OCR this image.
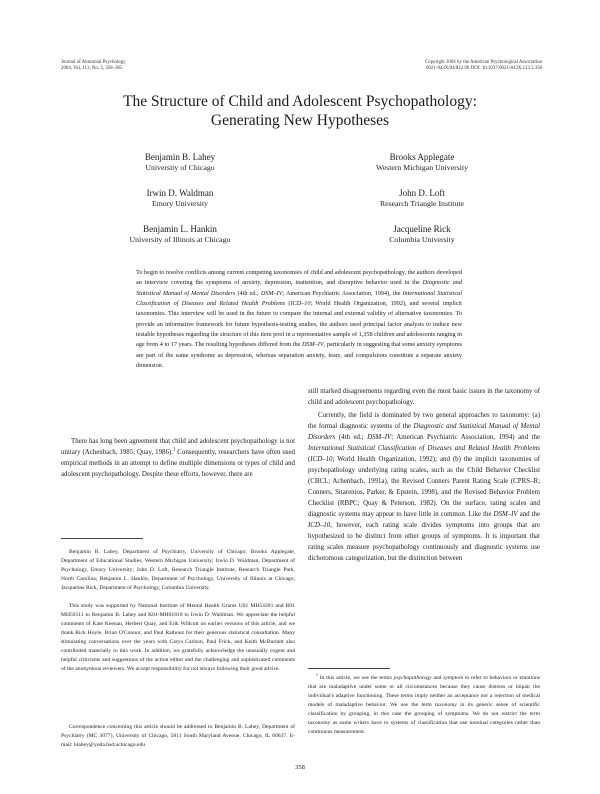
Journal of Abnormal Psychology
2004, Vol. 113, No. 3, 358–385
Copyright 2004 by the American Psychological Association
0021-843X/04/$12.00 DOI: 10.1037/0021-843X.113.3.358
The Structure of Child and Adolescent Psychopathology:
Generating New Hypotheses
Benjamin B. Lahey
University of Chicago
Brooks Applegate
Western Michigan University
Irwin D. Waldman
Emory University
John D. Loft
Research Triangle Institute
Benjamin L. Hankin
University of Illinois at Chicago
Jacqueline Rick
Columbia University

To begin to resolve conflicts among current competing taxonomies of child and adolescent psychopathology, the authors developed an interview covering the symptoms of anxiety, depression, inattention, and disruptive behavior used in the Diagnostic and Statistical Manual of Mental Disorders (4th ed.; DSM–IV; American Psychiatric Association, 1994), the International Statistical Classification of Diseases and Related Health Problems (ICD–10; World Health Organization, 1992), and several implicit taxonomies. This interview will be used in the future to compare the internal and external validity of alternative taxonomies. To provide an informative framework for future hypothesis-testing studies, the authors used principal factor analysis to induce new testable hypotheses regarding the structure of this item pool in a representative sample of 1,358 children and adolescents ranging in age from 4 to 17 years. The resulting hypotheses differed from the DSM–IV, particularly in suggesting that some anxiety symptoms are part of the same syndrome as depression, whereas separation anxiety, fears, and compulsions constitute a separate anxiety dimension.

There has long been agreement that child and adolescent psychopathology is not unitary (Achenbach, 1985; Quay, 1986).$^1$ Consequently, researchers have often used empirical methods in an attempt to define multiple dimensions or types of child and adolescent psychopathology. Despite these efforts, however, there are

Benjamin B. Lahey, Department of Psychiatry, University of Chicago; Brooks Applegate, Department of Educational Studies, Western Michigan University; Irwin D. Waldman, Department of Psychology, Emory University; John D. Loft, Research Triangle Institute, Research Triangle Park, North Carolina; Benjamin L. Hankin, Department of Psychology, University of Illinois at Chicago; Jacqueline Rick, Department of Psychology, Columbia University.

This study was supported by National Institute of Mental Health Grants U01 MH54281 and R01 MH59111 to Benjamin B. Lahey and K01-MH01818 to Irwin D. Waldman. We appreciate the helpful comments of Kate Keenan, Herbert Quay, and Erik Willcutt on earlier versions of this article, and we thank Rick Hoyle, Brian O'Connor, and Paul Rathouz for their generous statistical consultation. Many stimulating conversations over the years with Carya Carlson, Paul Frick, and Keith McBurnett also contributed materially to this work. In addition, we gratefully acknowledge the unusually cogent and helpful criticisms and suggestions of the action editor and the challenging and sophisticated comments of the anonymous reviewers. We accept responsibility for not always following their good advice.

Correspondence concerning this article should be addressed to Benjamin B. Lahey, Department of Psychiatry (MC 3077), University of Chicago, 5811 South Maryland Avenue, Chicago, IL 60637. E-mail: blahey@yoda.bsd.uchicago.edu

still marked disagreements regarding even the most basic issues in the taxonomy of child and adolescent psychopathology.

Currently, the field is dominated by two general approaches to taxonomy: (a) the formal diagnostic systems of the Diagnostic and Statistical Manual of Mental Disorders (4th ed.; DSM–IV; American Psychiatric Association, 1994) and the International Statistical Classification of Diseases and Related Health Problems (ICD–10; World Health Organization, 1992); and (b) the implicit taxonomies of psychopathology underlying rating scales, such as the Child Behavior Checklist (CBCL; Achenbach, 1991a), the Revised Conners Parent Rating Scale (CPRS–R; Conners, Sitarenios, Parker, & Epstein, 1998), and the Revised Behavior Problem Checklist (RBPC; Quay & Peterson, 1982). On the surface, rating scales and diagnostic systems may appear to have little in common. Like the DSM–IV and the ICD–10, however, each rating scale divides symptoms into groups that are hypothesized to be distinct from other groups of symptoms. It is important that rating scales measure psychopathology continuously and diagnostic systems use dichotomous categorization, but the distinction between

$^1$ In this article, we use the terms psychopathology and symptom to refer to behaviors or emotions that are maladaptive under some or all circumstances because they cause distress or impair the individual's adaptive functioning. These terms imply neither an acceptance nor a rejection of medical models of maladaptive behavior. We use the term taxonomy in its generic sense of scientific classification by grouping, in this case the grouping of symptoms. We do not restrict the term taxonomy as some writers have to systems of classification that use nominal categories rather than continuous measurement.

358
